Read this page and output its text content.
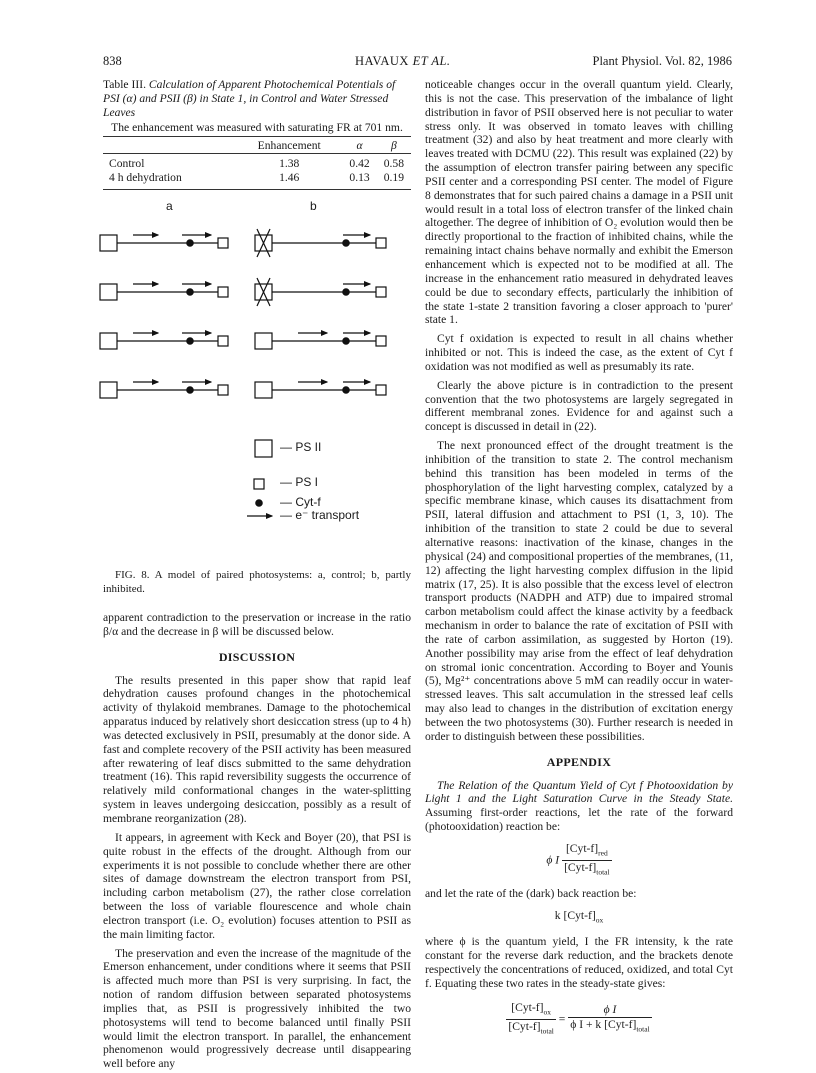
838	HAVAUX ET AL.	Plant Physiol. Vol. 82, 1986
Table III. Calculation of Apparent Photochemical Potentials of PSI (α) and PSII (β) in State 1, in Control and Water Stressed Leaves
The enhancement was measured with saturating FR at 701 nm.
	Enhancement	α	β
Control	1.38	0.42	0.58
4 h dehydration	1.46	0.13	0.19

a	b
— PS II
— PS I
— Cyt-f
— e⁻ transport

FIG. 8. A model of paired photosystems: a, control; b, partly inhibited.

apparent contradiction to the preservation or increase in the ratio β/α and the decrease in β will be discussed below.

DISCUSSION

The results presented in this paper show that rapid leaf dehydration causes profound changes in the photochemical activity of thylakoid membranes. Damage to the photochemical apparatus induced by relatively short desiccation stress (up to 4 h) was detected exclusively in PSII, presumably at the donor side. A fast and complete recovery of the PSII activity has been measured after rewatering of leaf discs submitted to the same dehydration treatment (16). This rapid reversibility suggests the occurrence of relatively mild conformational changes in the water-splitting system in leaves undergoing desiccation, possibly as a result of membrane reorganization (28).

It appears, in agreement with Keck and Boyer (20), that PSI is quite robust in the effects of the drought. Although from our experiments it is not possible to conclude whether there are other sites of damage downstream the electron transport from PSI, including carbon metabolism (27), the rather close correlation between the loss of variable flourescence and whole chain electron transport (i.e. O₂ evolution) focuses attention to PSII as the main limiting factor.

The preservation and even the increase of the magnitude of the Emerson enhancement, under conditions where it seems that PSII is affected much more than PSI is very surprising. In fact, the notion of random diffusion between separated photosystems implies that, as PSII is progressively inhibited the two photosystems will tend to become balanced until finally PSII would limit the electron transport. In parallel, the enhancement phenomenon would progressively decrease until disappearing well before any

noticeable changes occur in the overall quantum yield. Clearly, this is not the case. This preservation of the imbalance of light distribution in favor of PSII observed here is not peculiar to water stress only. It was observed in tomato leaves with chilling treatment (32) and also by heat treatment and more clearly with leaves treated with DCMU (22). This result was explained (22) by the assumption of electron transfer pairing between any specific PSII center and a corresponding PSI center. The model of Figure 8 demonstrates that for such paired chains a damage in a PSII unit would result in a total loss of electron transfer of the linked chain altogether. The degree of inhibition of O₂ evolution would then be directly proportional to the fraction of inhibited chains, while the remaining intact chains behave normally and exhibit the Emerson enhancement which is expected not to be modified at all. The increase in the enhancement ratio measured in dehydrated leaves could be due to secondary effects, particularly the inhibition of the state 1-state 2 transition favoring a closer approach to 'purer' state 1.

Cyt f oxidation is expected to result in all chains whether inhibited or not. This is indeed the case, as the extent of Cyt f oxidation was not modified as well as presumably its rate.

Clearly the above picture is in contradiction to the present convention that the two photosystems are largely segregated in different membranal zones. Evidence for and against such a concept is discussed in detail in (22).

The next pronounced effect of the drought treatment is the inhibition of the transition to state 2. The control mechanism behind this transition has been modeled in terms of the phosphorylation of the light harvesting complex, catalyzed by a specific membrane kinase, which causes its disattachment from PSII, lateral diffusion and attachment to PSI (1, 3, 10). The inhibition of the transition to state 2 could be due to several alternative reasons: inactivation of the kinase, changes in the physical (24) and compositional properties of the membranes, (11, 12) affecting the light harvesting complex diffusion in the lipid matrix (17, 25). It is also possible that the excess level of electron transport products (NADPH and ATP) due to impaired stromal carbon metabolism could affect the kinase activity by a feedback mechanism in order to balance the rate of excitation of PSII with the rate of carbon assimilation, as suggested by Horton (19). Another possibility may arise from the effect of leaf dehydration on stromal ionic concentration. According to Boyer and Younis (5), Mg²⁺ concentrations above 5 mM can readily occur in water-stressed leaves. This salt accumulation in the stressed leaf cells may also lead to changes in the distribution of excitation energy between the two photosystems (30). Further research is needed in order to distinguish between these possibilities.

APPENDIX

The Relation of the Quantum Yield of Cyt f Photooxidation by Light 1 and the Light Saturation Curve in the Steady State. Assuming first-order reactions, let the rate of the forward (photooxidation) reaction be:

ϕ I $\frac{[Cyt-f]_{red}}{[Cyt-f]_{total}}$

and let the rate of the (dark) back reaction be:

k $[Cyt-f]_{ox}$

where ϕ is the quantum yield, I the FR intensity, k the rate constant for the reverse dark reduction, and the brackets denote respectively the concentrations of reduced, oxidized, and total Cyt f. Equating these two rates in the steady-state gives:

$\frac{[Cyt-f]_{ox}}{[Cyt-f]_{total}} = \frac{\text{ϕ I}}{\phi I + k [Cyt-f]_{total}}$
